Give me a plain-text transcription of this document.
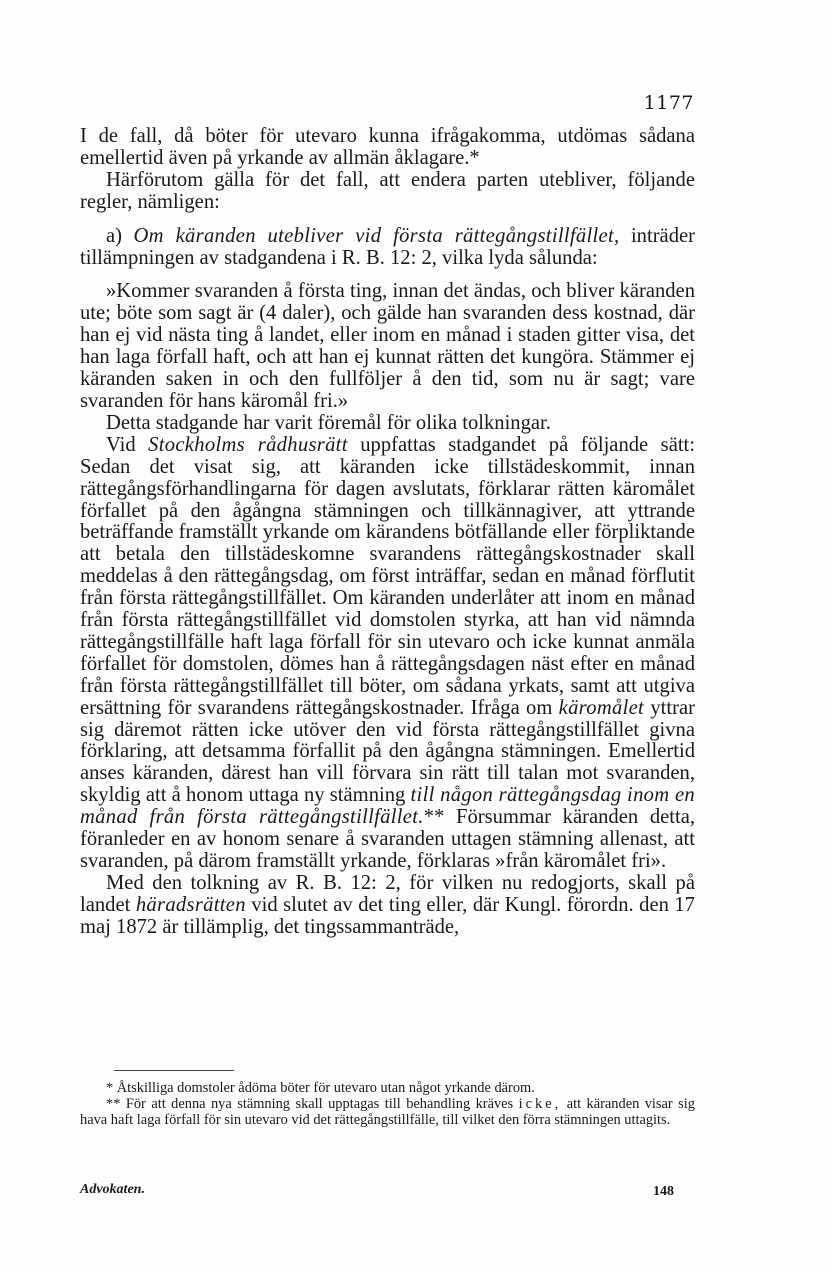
1177

I de fall, då böter för utevaro kunna ifrågakomma, utdömas sådana emellertid även på yrkande av allmän åklagare.*

Härförutom gälla för det fall, att endera parten utebliver, följande regler, nämligen:

a) Om käranden utebliver vid första rättegångstillfället, inträder tillämpningen av stadgandena i R. B. 12: 2, vilka lyda sålunda:

»Kommer svaranden å första ting, innan det ändas, och bliver käranden ute; böte som sagt är (4 daler), och gälde han svaranden dess kostnad, där han ej vid nästa ting å landet, eller inom en månad i staden gitter visa, det han laga förfall haft, och att han ej kunnat rätten det kungöra. Stämmer ej käranden saken in och den fullföljer å den tid, som nu är sagt; vare svaranden för hans käromål fri.»

Detta stadgande har varit föremål för olika tolkningar.

Vid Stockholms rådhusrätt uppfattas stadgandet på följande sätt: Sedan det visat sig, att käranden icke tillstädeskommit, innan rättegångsförhandlingarna för dagen avslutats, förklarar rätten käromålet förfallet på den ågångna stämningen och tillkännagiver, att yttrande beträffande framställt yrkande om kärandens bötfällande eller förpliktande att betala den tillstädeskomne svarandens rättegångskostnader skall meddelas å den rättegångsdag, om först inträffar, sedan en månad förflutit från första rättegångstillfället. Om käranden underlåter att inom en månad från första rättegångstillfället vid domstolen styrka, att han vid nämnda rättegångstillfälle haft laga förfall för sin utevaro och icke kunnat anmäla förfallet för domstolen, dömes han å rättegångsdagen näst efter en månad från första rättegångstillfället till böter, om sådana yrkats, samt att utgiva ersättning för svarandens rättegångskostnader. Ifråga om käromålet yttrar sig däremot rätten icke utöver den vid första rättegångstillfället givna förklaring, att detsamma förfallit på den ågångna stämningen. Emellertid anses käranden, därest han vill förvara sin rätt till talan mot svaranden, skyldig att å honom uttaga ny stämning till någon rättegångsdag inom en månad från första rättegångstillfället.** Försummar käranden detta, föranleder en av honom senare å svaranden uttagen stämning allenast, att svaranden, på därom framställt yrkande, förklaras »från käromålet fri».

Med den tolkning av R. B. 12: 2, för vilken nu redogjorts, skall på landet häradsrätten vid slutet av det ting eller, där Kungl. förordn. den 17 maj 1872 är tillämplig, det tingssammanträde,

* Åtskilliga domstoler ådöma böter för utevaro utan något yrkande därom.

** För att denna nya stämning skall upptagas till behandling kräves icke, att käranden visar sig hava haft laga förfall för sin utevaro vid det rättegångstillfälle, till vilket den förra stämningen uttagits.

Advokaten.	148
